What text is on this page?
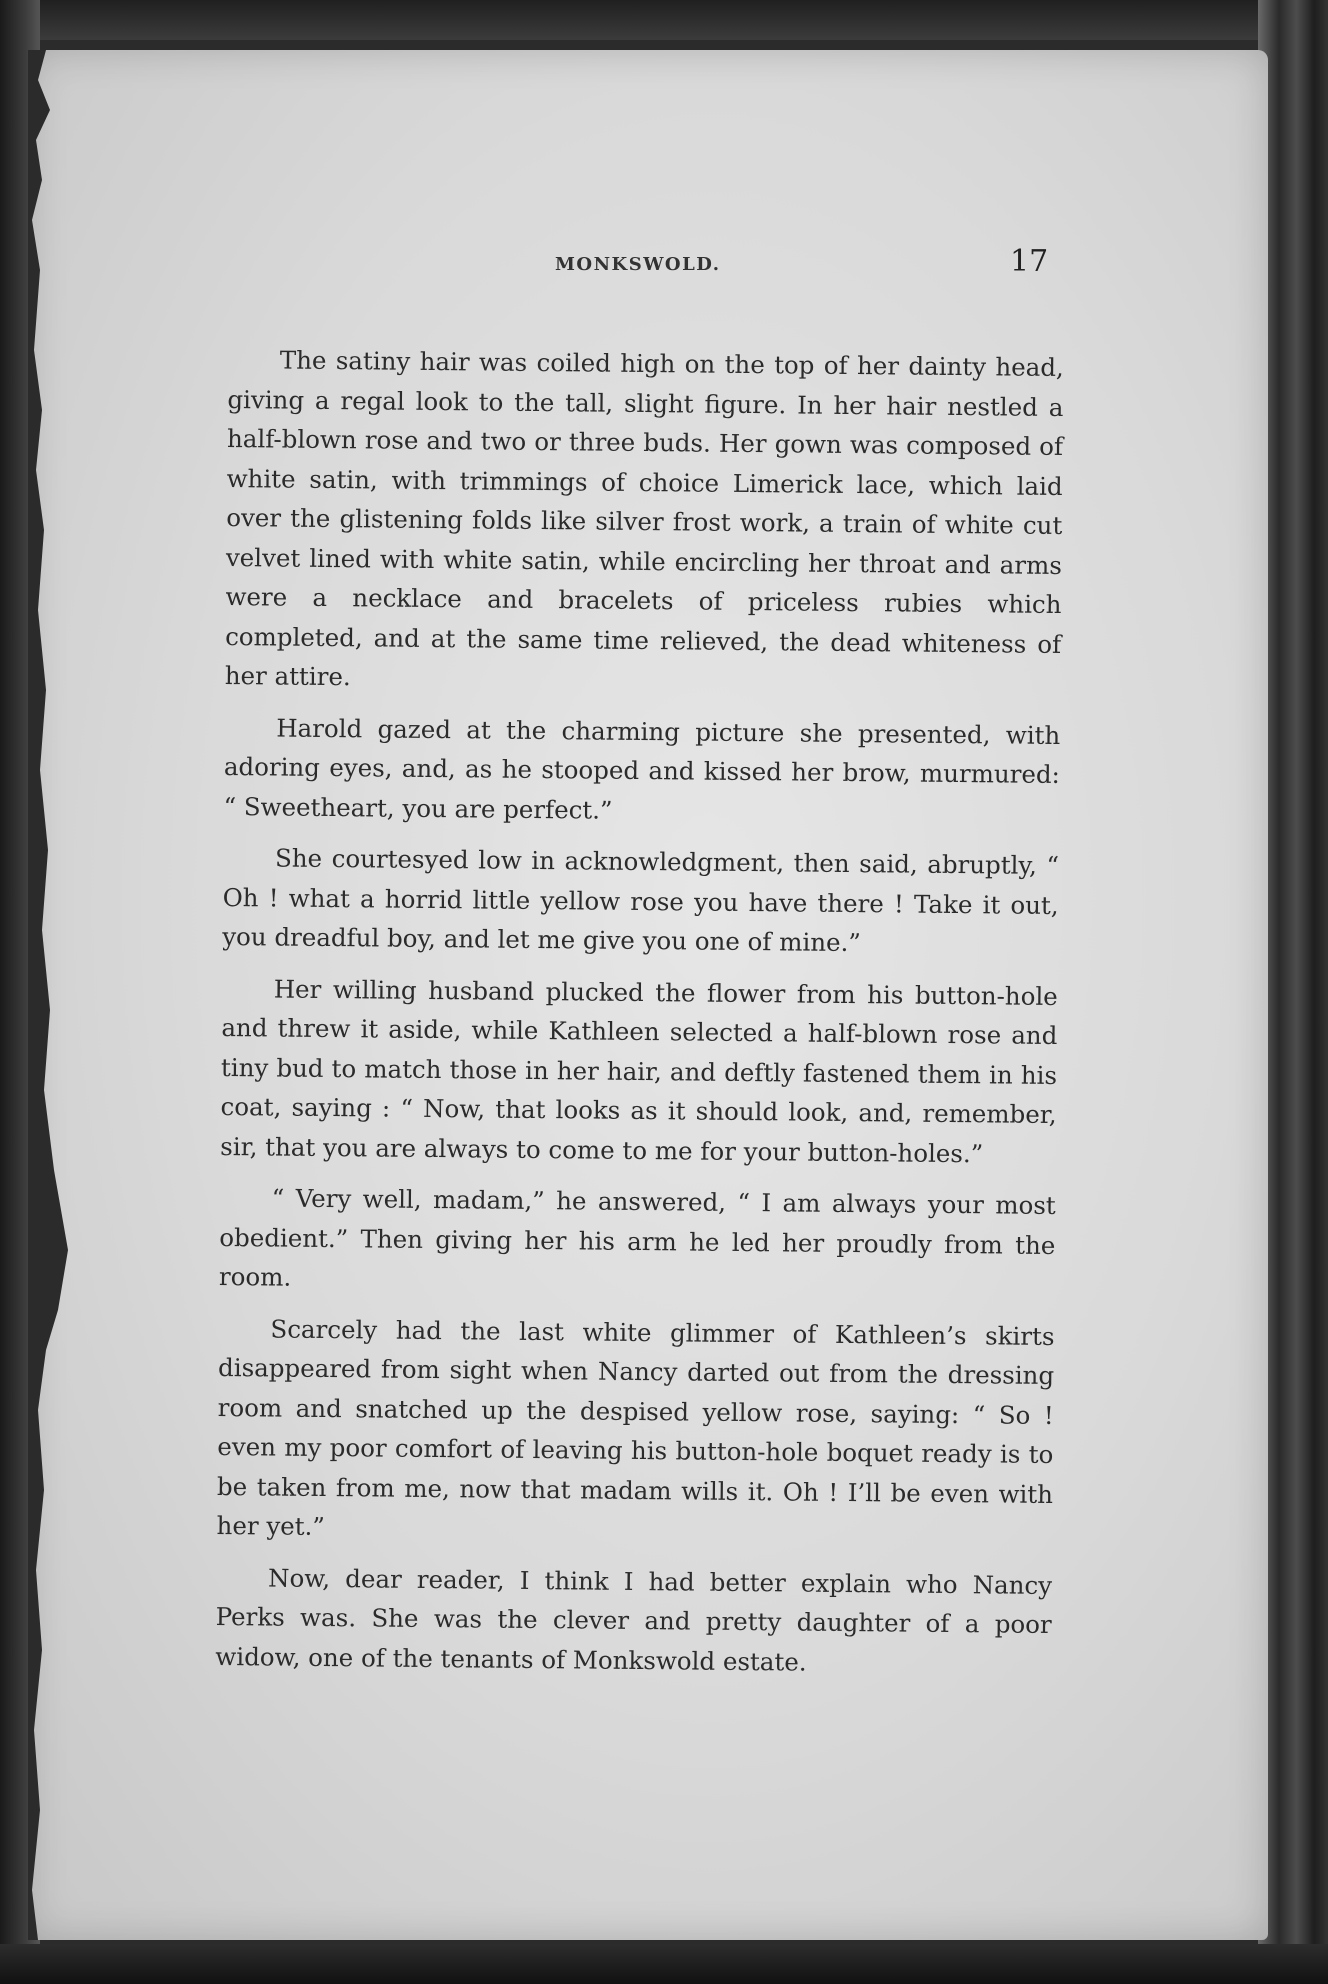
MONKSWOLD.	17

The satiny hair was coiled high on the top of her dainty head, giving a regal look to the tall, slight figure. In her hair nestled a half-blown rose and two or three buds. Her gown was composed of white satin, with trimmings of choice Limerick lace, which laid over the glistening folds like silver frost work, a train of white cut velvet lined with white satin, while encircling her throat and arms were a necklace and bracelets of priceless rubies which completed, and at the same time relieved, the dead whiteness of her attire.

Harold gazed at the charming picture she presented, with adoring eyes, and, as he stooped and kissed her brow, murmured: “ Sweetheart, you are perfect.”

She courtesyed low in acknowledgment, then said, abruptly, “ Oh ! what a horrid little yellow rose you have there ! Take it out, you dreadful boy, and let me give you one of mine.”

Her willing husband plucked the flower from his button-hole and threw it aside, while Kathleen selected a half-blown rose and tiny bud to match those in her hair, and deftly fastened them in his coat, saying : “ Now, that looks as it should look, and, remember, sir, that you are always to come to me for your button-holes.”

“ Very well, madam,” he answered, “ I am always your most obedient.” Then giving her his arm he led her proudly from the room.

Scarcely had the last white glimmer of Kathleen’s skirts disappeared from sight when Nancy darted out from the dressing room and snatched up the despised yellow rose, saying: “ So ! even my poor comfort of leaving his button-hole boquet ready is to be taken from me, now that madam wills it. Oh ! I’ll be even with her yet.”

Now, dear reader, I think I had better explain who Nancy Perks was. She was the clever and pretty daughter of a poor widow, one of the tenants of Monkswold estate.
